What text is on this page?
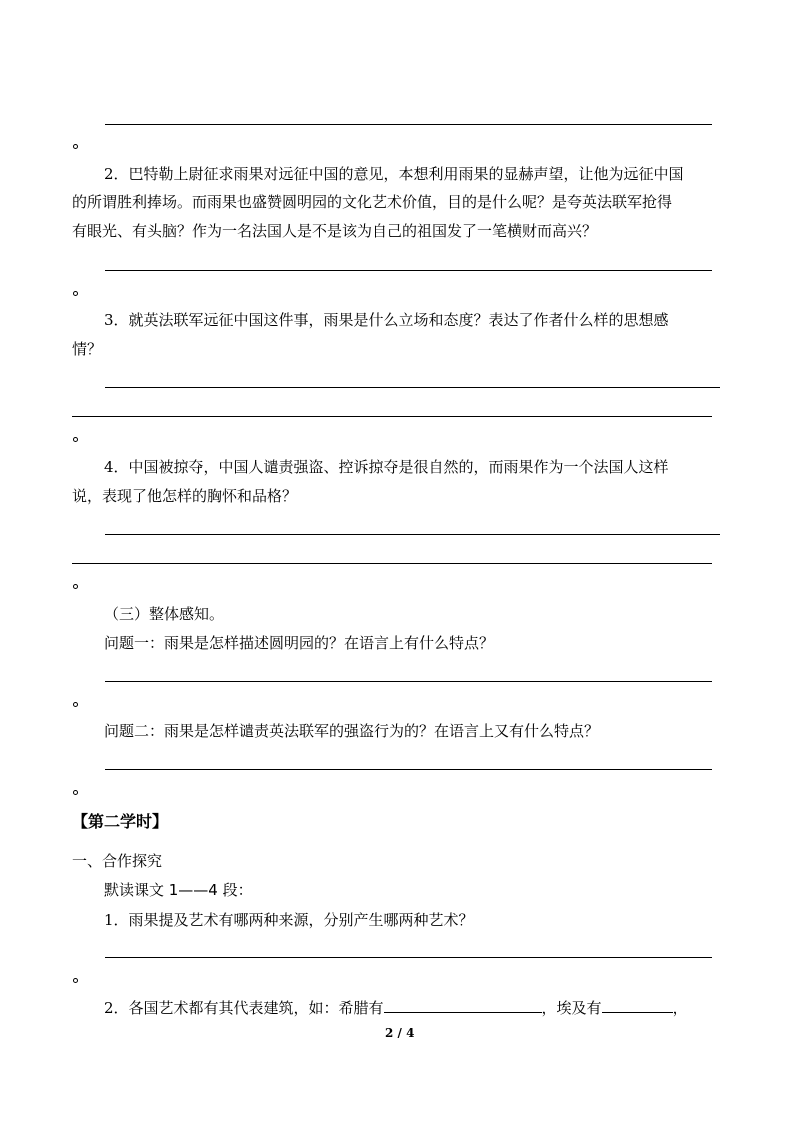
2．巴特勒上尉征求雨果对远征中国的意见，本想利用雨果的显赫声望，让他为远征中国
的所谓胜利捧场。而雨果也盛赞圆明园的文化艺术价值，目的是什么呢？是夸英法联军抢得
有眼光、有头脑？作为一名法国人是不是该为自己的祖国发了一笔横财而高兴？
3．就英法联军远征中国这件事，雨果是什么立场和态度？表达了作者什么样的思想感
情？
4．中国被掠夺，中国人谴责强盗、控诉掠夺是很自然的，而雨果作为一个法国人这样
说，表现了他怎样的胸怀和品格？
（三）整体感知。
问题一：雨果是怎样描述圆明园的？在语言上有什么特点？
问题二：雨果是怎样谴责英法联军的强盗行为的？在语言上又有什么特点？
【第二学时】
一、合作探究
默读课文 1——4 段：
1．雨果提及艺术有哪两种来源，分别产生哪两种艺术？
2．各国艺术都有其代表建筑，如：希腊有	，埃及有	，
2 / 4
